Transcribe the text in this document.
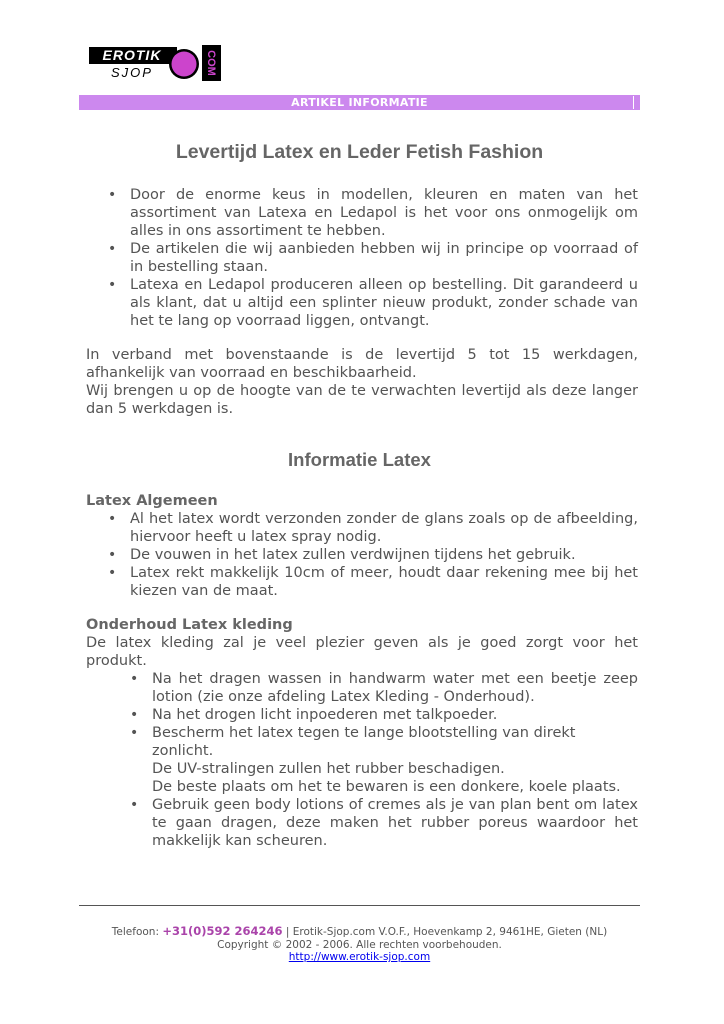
EROTIK
SJOP	COM
ARTIKEL INFORMATIE
Levertijd Latex en Leder Fetish Fashion
• Door de enorme keus in modellen, kleuren en maten van het assortiment van Latexa en Ledapol is het voor ons onmogelijk om alles in ons assortiment te hebben.
• De artikelen die wij aanbieden hebben wij in principe op voorraad of in bestelling staan.
• Latexa en Ledapol produceren alleen op bestelling. Dit garandeerd u als klant, dat u altijd een splinter nieuw produkt, zonder schade van het te lang op voorraad liggen, ontvangt.

In verband met bovenstaande is de levertijd 5 tot 15 werkdagen, afhankelijk van voorraad en beschikbaarheid.

Wij brengen u op de hoogte van de te verwachten levertijd als deze langer dan 5 werkdagen is.

Informatie Latex

Latex Algemeen

• Al het latex wordt verzonden zonder de glans zoals op de afbeelding, hiervoor heeft u latex spray nodig.
• De vouwen in het latex zullen verdwijnen tijdens het gebruik.
• Latex rekt makkelijk 10cm of meer, houdt daar rekening mee bij het kiezen van de maat.

Onderhoud Latex kleding

De latex kleding zal je veel plezier geven als je goed zorgt voor het produkt.

• Na het dragen wassen in handwarm water met een beetje zeep lotion (zie onze afdeling Latex Kleding - Onderhoud).
• Na het drogen licht inpoederen met talkpoeder.
• Bescherm het latex tegen te lange blootstelling van direkt
zonlicht.
De UV-stralingen zullen het rubber beschadigen.
De beste plaats om het te bewaren is een donkere, koele plaats.
• Gebruik geen body lotions of cremes als je van plan bent om latex te gaan dragen, deze maken het rubber poreus waardoor het makkelijk kan scheuren.
Telefoon: +31(0)592 264246 | Erotik-Sjop.com V.O.F., Hoevenkamp 2, 9461HE, Gieten (NL)
Copyright © 2002 - 2006. Alle rechten voorbehouden.
http://www.erotik-sjop.com
